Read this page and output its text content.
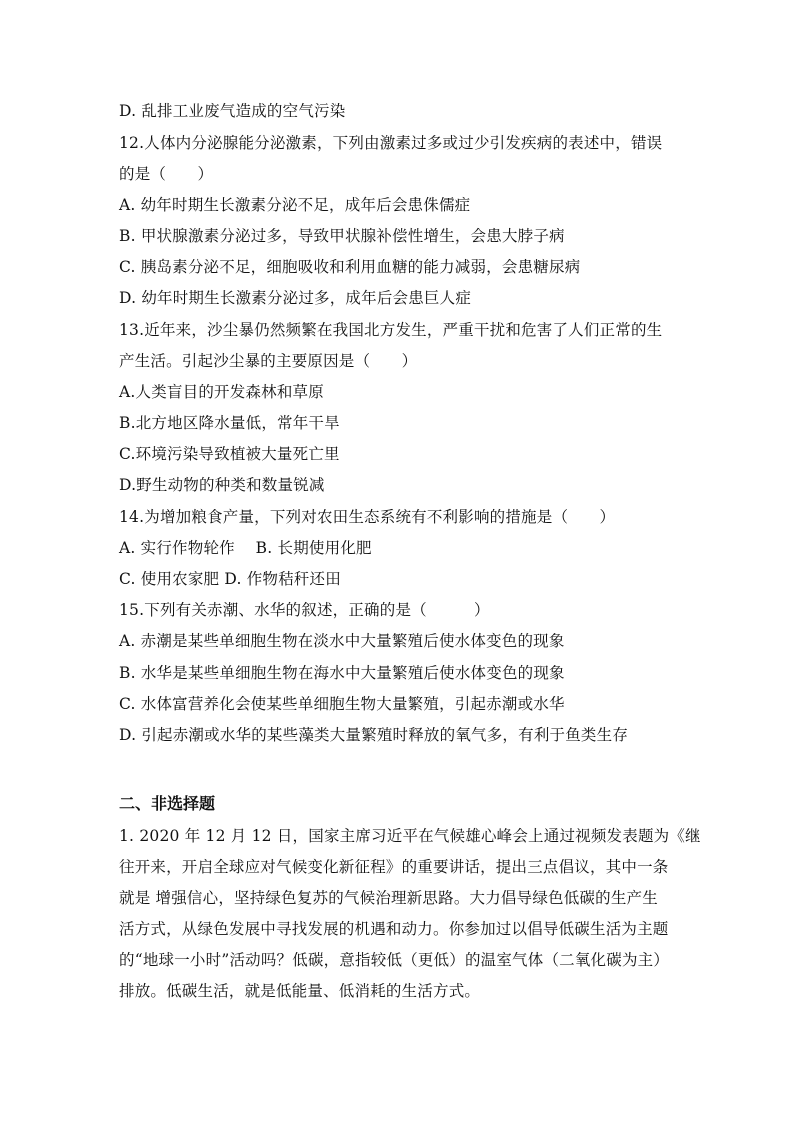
D. 乱排工业废气造成的空气污染
12.人体内分泌腺能分泌激素，下列由激素过多或过少引发疾病的表述中，错误
的是（　　）
A. 幼年时期生长激素分泌不足，成年后会患侏儒症
B. 甲状腺激素分泌过多，导致甲状腺补偿性增生，会患大脖子病
C. 胰岛素分泌不足，细胞吸收和利用血糖的能力减弱，会患糖尿病
D. 幼年时期生长激素分泌过多，成年后会患巨人症
13.近年来，沙尘暴仍然频繁在我国北方发生，严重干扰和危害了人们正常的生
产生活。引起沙尘暴的主要原因是（　　）
A.人类盲目的开发森林和草原
B.北方地区降水量低，常年干旱
C.环境污染导致植被大量死亡里
D.野生动物的种类和数量锐减
14.为增加粮食产量，下列对农田生态系统有不利影响的措施是（　　）
A. 实行作物轮作　 B. 长期使用化肥
C. 使用农家肥 D. 作物秸秆还田
15.下列有关赤潮、水华的叙述，正确的是（　　　）
A. 赤潮是某些单细胞生物在淡水中大量繁殖后使水体变色的现象
B. 水华是某些单细胞生物在海水中大量繁殖后使水体变色的现象
C. 水体富营养化会使某些单细胞生物大量繁殖，引起赤潮或水华
D. 引起赤潮或水华的某些藻类大量繁殖时释放的氧气多，有利于鱼类生存
二、非选择题
1. 2020 年 12 月 12 日，国家主席习近平在气候雄心峰会上通过视频发表题为《继
往开来，开启全球应对气候变化新征程》的重要讲话，提出三点倡议，其中一条
就是 增强信心，坚持绿色复苏的气候治理新思路。大力倡导绿色低碳的生产生
活方式，从绿色发展中寻找发展的机遇和动力。你参加过以倡导低碳生活为主题
的“地球一小时”活动吗？低碳，意指较低（更低）的温室气体（二氧化碳为主）
排放。低碳生活，就是低能量、低消耗的生活方式。
